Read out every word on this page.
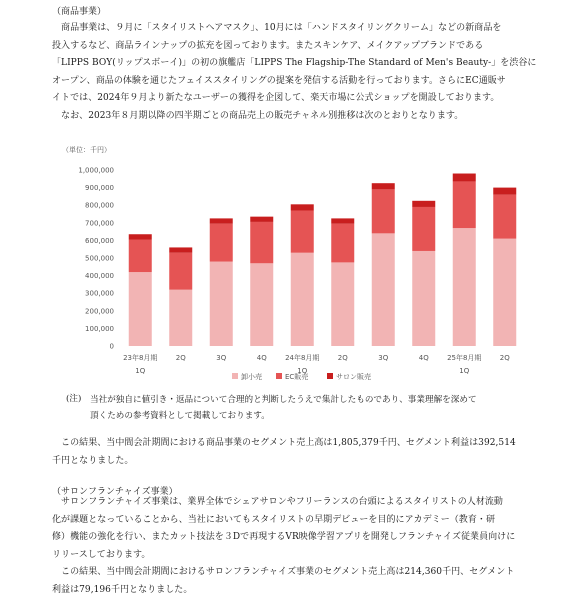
（商品事業）

　商品事業は、９月に「スタイリストヘアマスク」、10月には「ハンドスタイリングクリーム」などの新商品を
投入するなど、商品ラインナップの拡充を図っております。またスキンケア、メイクアップブランドである
「LIPPS BOY(リップスボーイ)」の初の旗艦店「LIPPS The Flagship-The Standard of Men's Beauty-」を渋谷に
オープン、商品の体験を通じたフェイススタイリングの提案を発信する活動を行っております。さらにEC通販サ
イトでは、2024年９月より新たなユーザーの獲得を企図して、楽天市場に公式ショップを開設しております。
　なお、2023年８月期以降の四半期ごとの商品売上の販売チャネル別推移は次のとおりとなります。

（単位：千円）
0
100,000
200,000
300,000
400,000
500,000
600,000
700,000
800,000
900,000
1,000,000
23年8月期
1Q
2Q	3Q	4Q	24年8月期
1Q
2Q	3Q	4Q	25年8月期
1Q
2Q
卸小売	EC販売	サロン販売
(注) 当社が独自に値引き・返品について合理的と判断したうえで集計したものであり、事業理解を深めて
頂くための参考資料として掲載しております。

　この結果、当中間会計期間における商品事業のセグメント売上高は1,805,379千円、セグメント利益は392,514
千円となりました。

（サロンフランチャイズ事業）

　サロンフランチャイズ事業は、業界全体でシェアサロンやフリーランスの台頭によるスタイリストの人材流動
化が課題となっていることから、当社においてもスタイリストの早期デビューを目的にアカデミー（教育・研
修）機能の強化を行い、またカット技法を３Dで再現するVR映像学習アプリを開発しフランチャイズ従業員向けに
リリースしております。
　この結果、当中間会計期間におけるサロンフランチャイズ事業のセグメント売上高は214,360千円、セグメント
利益は79,196千円となりました。
